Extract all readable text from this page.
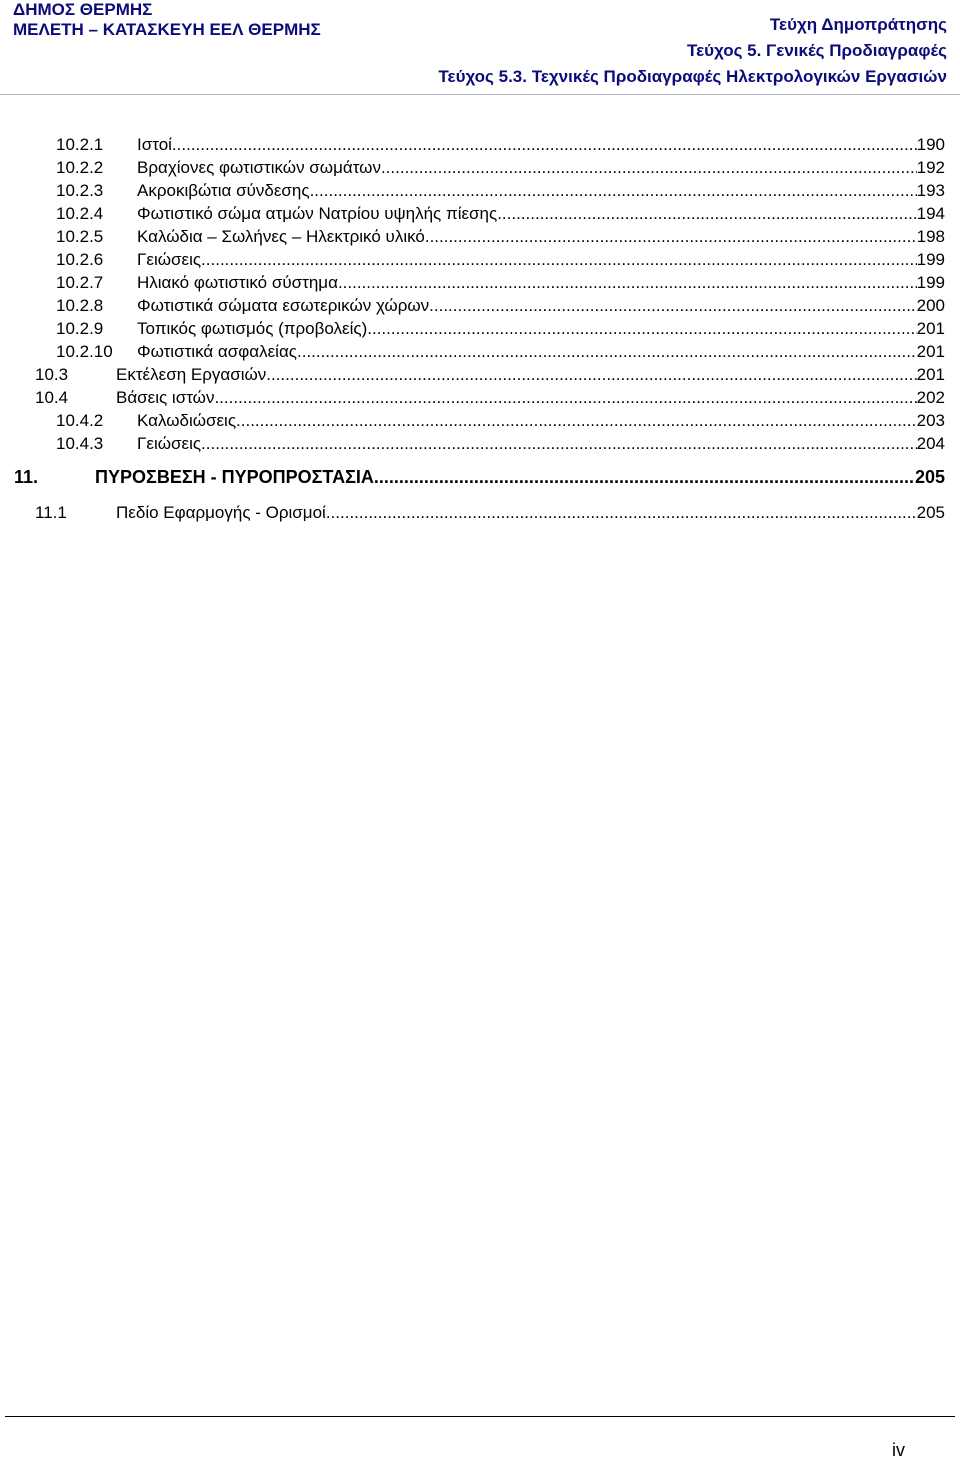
ΔΗΜΟΣ ΘΕΡΜΗΣ
ΜΕΛΕΤΗ – ΚΑΤΑΣΚΕΥΗ ΕΕΛ ΘΕΡΜΗΣ	Τεύχη Δημοπράτησης
Τεύχος 5. Γενικές Προδιαγραφές
Τεύχος 5.3. Τεχνικές Προδιαγραφές Ηλεκτρολογικών Εργασιών
10.2.1	Ιστοί .....	190
10.2.2	Βραχίονες φωτιστικών σωμάτων .....	192
10.2.3	Ακροκιβώτια σύνδεσης .....	193
10.2.4	Φωτιστικό σώμα ατμών Νατρίου υψηλής πίεσης .....	194
10.2.5	Καλώδια – Σωλήνες – Ηλεκτρικό υλικό .....	198
10.2.6	Γειώσεις .....	199
10.2.7	Ηλιακό φωτιστικό σύστημα .....	199
10.2.8	Φωτιστικά σώματα εσωτερικών χώρων .....	200
10.2.9	Τοπικός φωτισμός (προβολείς) .....	201
10.2.10	Φωτιστικά ασφαλείας .....	201
10.3	Εκτέλεση Εργασιών .....	201
10.4	Βάσεις ιστών .....	202
10.4.2	Καλωδιώσεις .....	203
10.4.3	Γειώσεις .....	204
11.	ΠΥΡΟΣΒΕΣΗ - ΠΥΡΟΠΡΟΣΤΑΣΙΑ .....	205
11.1	Πεδίο Εφαρμογής - Ορισμοί .....	205
iv
